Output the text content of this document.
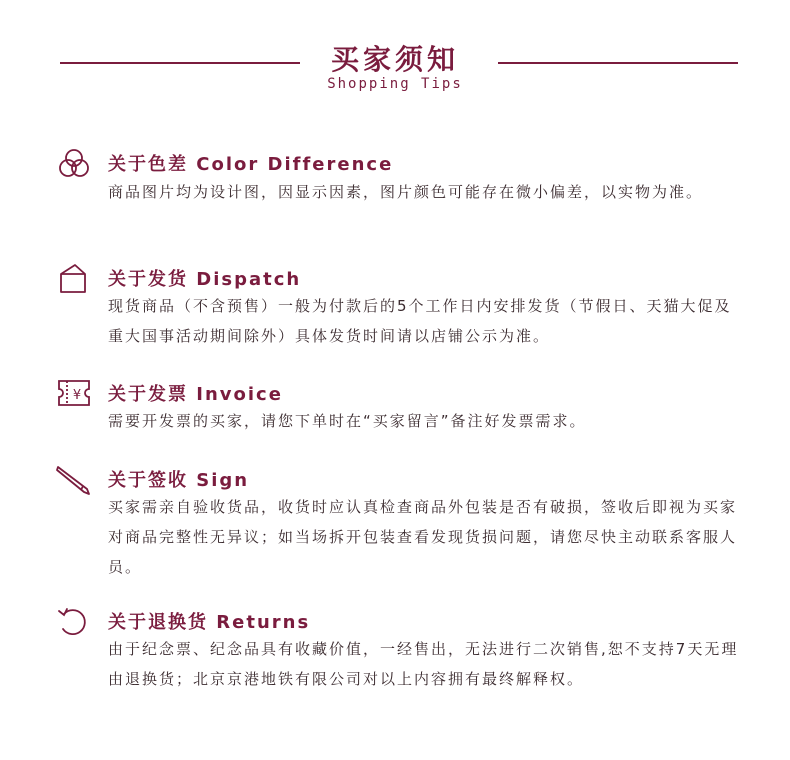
买家须知
Shopping Tips
关于色差 Color Difference
商品图片均为设计图，因显示因素，图片颜色可能存在微小偏差，以实物为准。
关于发货 Dispatch
现货商品（不含预售）一般为付款后的5个工作日内安排发货（节假日、天猫大促及重大国事活动期间除外）具体发货时间请以店铺公示为准。
¥ 关于发票 Invoice
需要开发票的买家，请您下单时在“买家留言”备注好发票需求。
关于签收 Sign
买家需亲自验收货品，收货时应认真检查商品外包装是否有破损，签收后即视为买家对商品完整性无异议；如当场拆开包装查看发现货损问题，请您尽快主动联系客服人员。
关于退换货 Returns
由于纪念票、纪念品具有收藏价值，一经售出，无法进行二次销售,恕不支持7天无理由退换货；北京京港地铁有限公司对以上内容拥有最终解释权。
